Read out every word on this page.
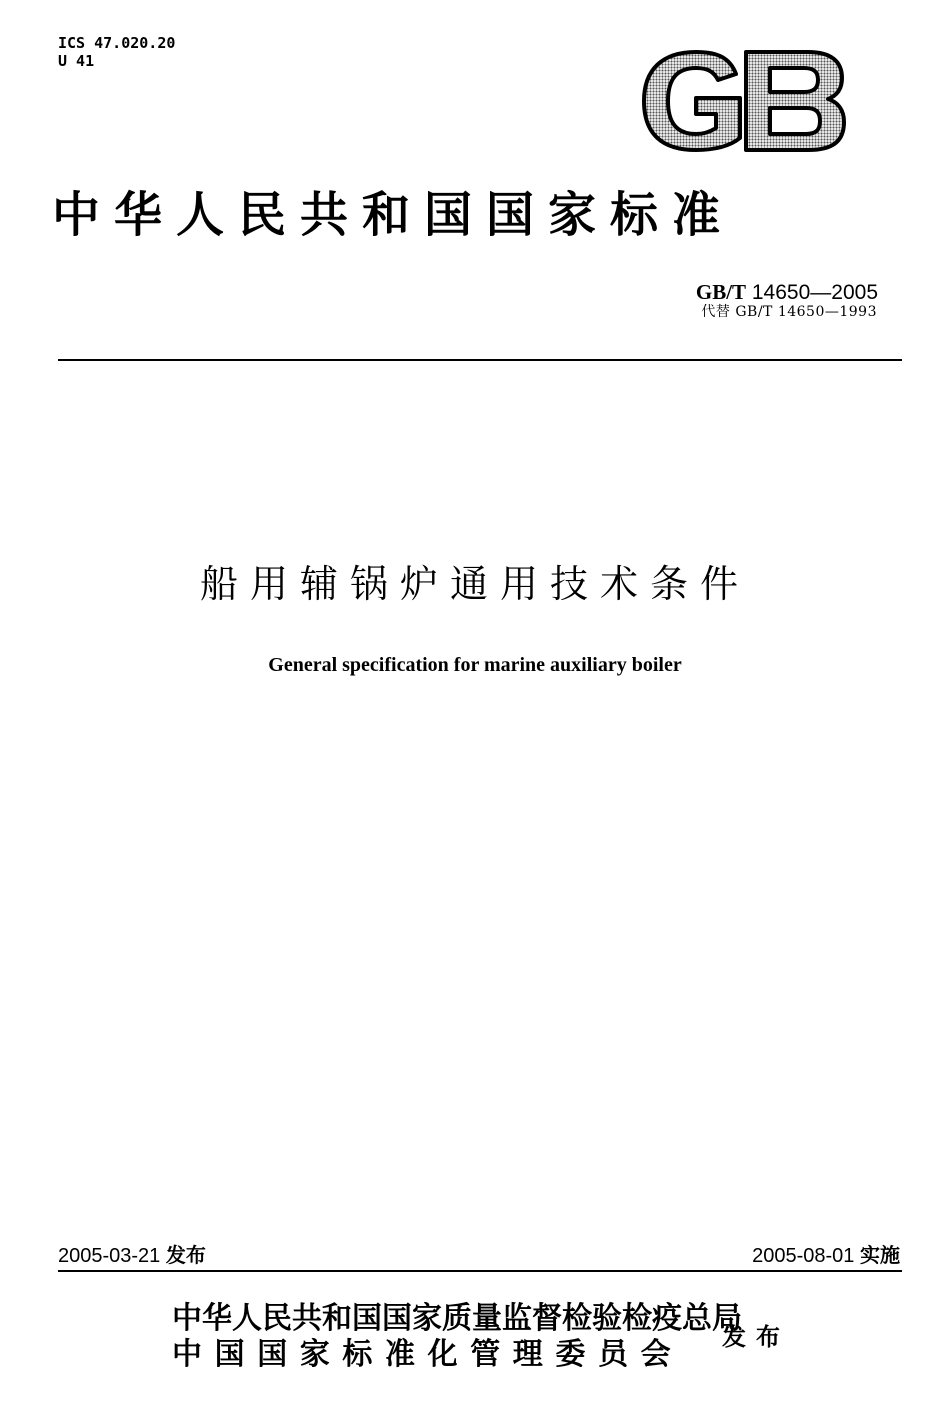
ICS 47.020.20
U 41
中华人民共和国国家标准
GB/T 14650—2005
代替 GB/T 14650—1993
船用辅锅炉通用技术条件
General specification for marine auxiliary boiler
2005-03-21 发布	2005-08-01 实施
中华人民共和国国家质量监督检验检疫总局
中国国家标准化管理委员会
发布
